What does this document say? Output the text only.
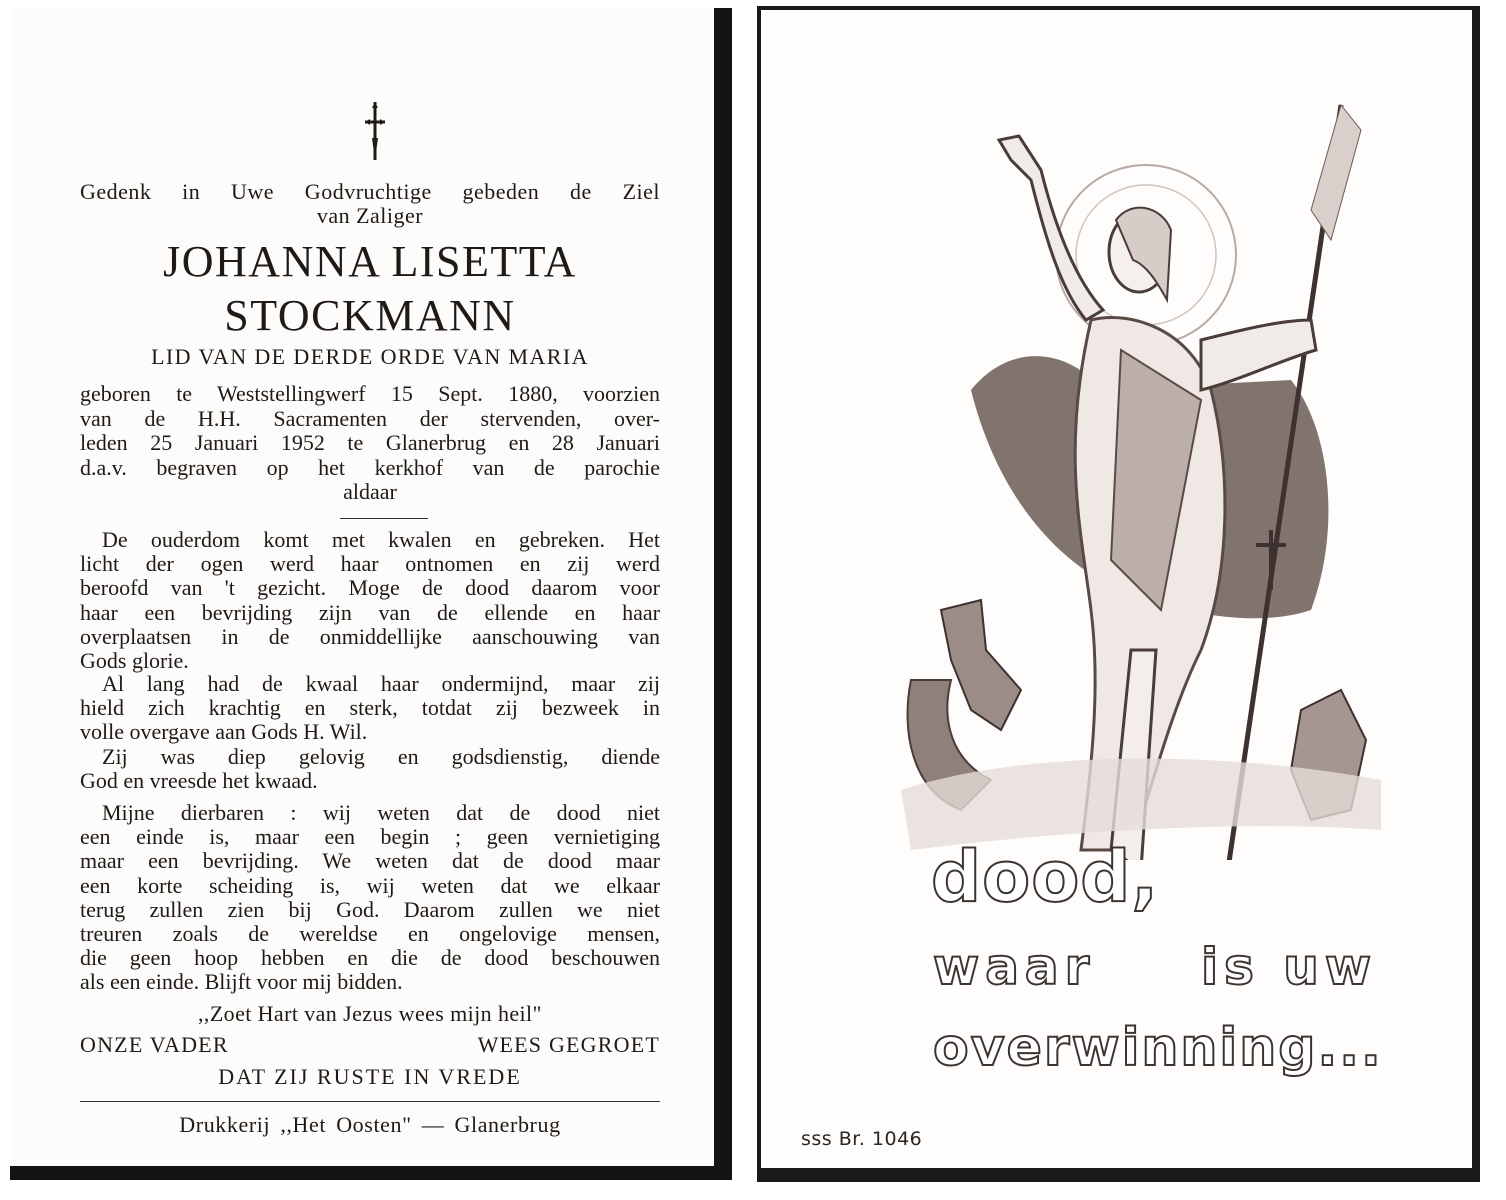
Gedenk in Uwe Godvruchtige gebeden de Ziel
van Zaliger
JOHANNA LISETTA
STOCKMANN
LID VAN DE DERDE ORDE VAN MARIA
geboren te Weststellingwerf 15 Sept. 1880, voorzien
van de H.H. Sacramenten der stervenden, over-
leden 25 Januari 1952 te Glanerbrug en 28 Januari
d.a.v. begraven op het kerkhof van de parochie
aldaar
De ouderdom komt met kwalen en gebreken. Het
licht der ogen werd haar ontnomen en zij werd
beroofd van 't gezicht. Moge de dood daarom voor
haar een bevrijding zijn van de ellende en haar
overplaatsen in de onmiddellijke aanschouwing van
Gods glorie.
Al lang had de kwaal haar ondermijnd, maar zij
hield zich krachtig en sterk, totdat zij bezweek in
volle overgave aan Gods H. Wil.
Zij was diep gelovig en godsdienstig, diende
God en vreesde het kwaad.
Mijne dierbaren : wij weten dat de dood niet
een einde is, maar een begin ; geen vernietiging
maar een bevrijding. We weten dat de dood maar
een korte scheiding is, wij weten dat we elkaar
terug zullen zien bij God. Daarom zullen we niet
treuren zoals de wereldse en ongelovige mensen,
die geen hoop hebben en die de dood beschouwen
als een einde. Blijft voor mij bidden.
,,Zoet Hart van Jezus wees mijn heil"
ONZE VADER	WEES GEGROET
DAT ZIJ RUSTE IN VREDE
Drukkerij ,,Het Oosten" — Glanerbrug
dood,
waar is uw
overwinning...
sss Br. 1046
